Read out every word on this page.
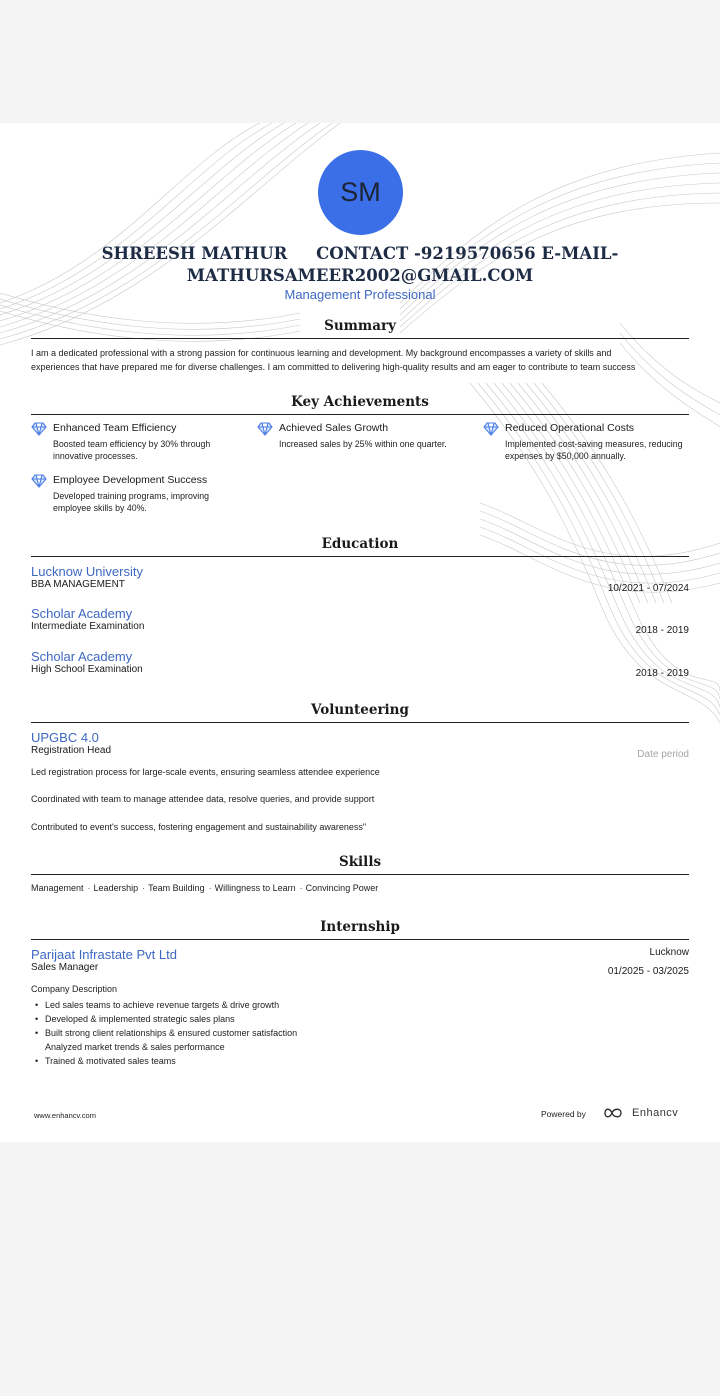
SM
SHREESH MATHUR     CONTACT -9219570656 E-MAIL-
MATHURSAMEER2002@GMAIL.COM
Management Professional
Summary
I am a dedicated professional with a strong passion for continuous learning and development. My background encompasses a variety of skills and
experiences that have prepared me for diverse challenges. I am committed to delivering high-quality results and am eager to contribute to team success
Key Achievements
Enhanced Team Efficiency
Boosted team efficiency by 30% through innovative processes.
Achieved Sales Growth
Increased sales by 25% within one quarter.
Reduced Operational Costs
Implemented cost-saving measures, reducing expenses by $50,000 annually.
Employee Development Success
Developed training programs, improving employee skills by 40%.
Education
Lucknow University
BBA MANAGEMENT	10/2021 - 07/2024
Scholar Academy
Intermediate Examination	2018 - 2019
Scholar Academy
High School Examination	2018 - 2019
Volunteering
UPGBC 4.0
Registration Head	Date period
Led registration process for large-scale events, ensuring seamless attendee experience
Coordinated with team to manage attendee data, resolve queries, and provide support
Contributed to event's success, fostering engagement and sustainability awareness"
Skills
Management · Leadership · Team Building · Willingness to Learn · Convincing Power
Internship
Parijaat Infrastate Pvt Ltd
Sales Manager
Lucknow
01/2025 - 03/2025
Company Description
• Led sales teams to achieve revenue targets & drive growth
• Developed & implemented strategic sales plans
• Built strong client relationships & ensured customer satisfaction
Analyzed market trends & sales performance
• Trained & motivated sales teams
www.enhancv.com	Powered by	Enhancv
